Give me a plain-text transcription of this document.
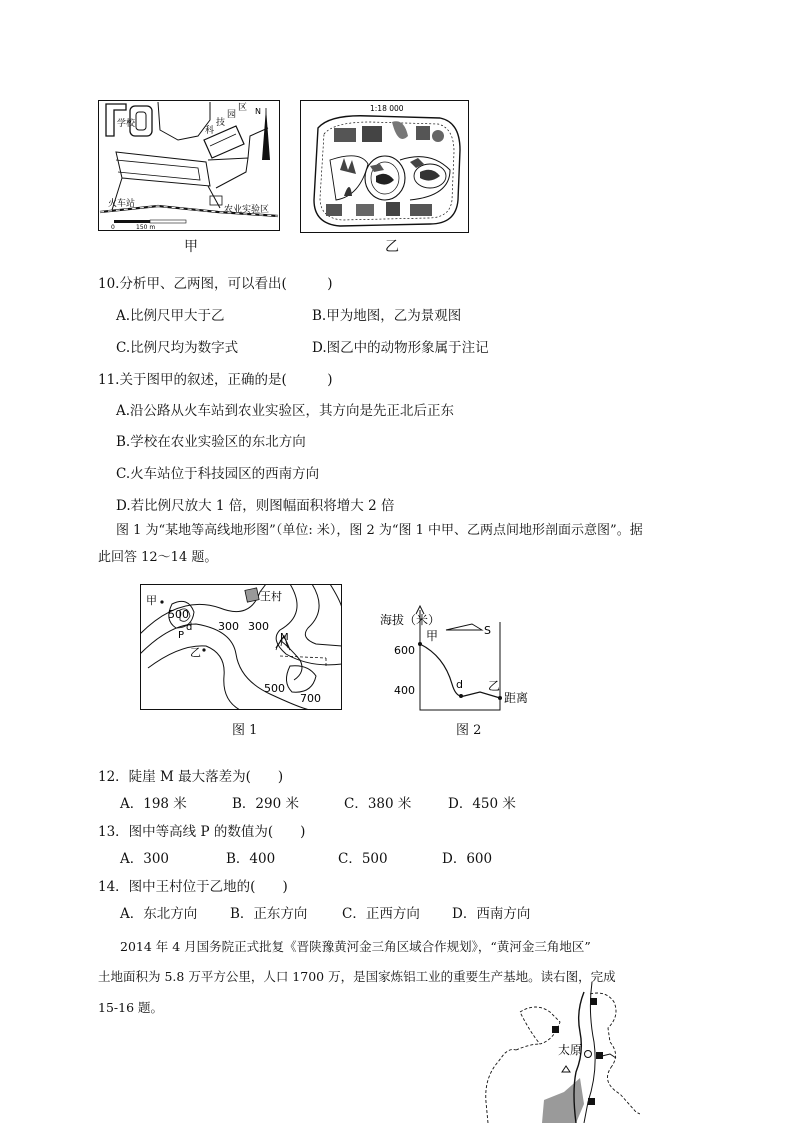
学校
科
技
园
区 N
火车站
农业实验区
0	150 m
甲
1:18 000
乙
10.分析甲、乙两图，可以看出(　　　)
A.比例尺甲大于乙	B.甲为地图，乙为景观图
C.比例尺均为数字式	D.图乙中的动物形象属于注记
11.关于图甲的叙述，正确的是(　　　)
A.沿公路从火车站到农业实验区，其方向是先正北后正东
B.学校在农业实验区的东北方向
C.火车站位于科技园区的西南方向
D.若比例尺放大 1 倍，则图幅面积将增大 2 倍
图 1 为“某地等高线地形图”（单位: 米），图 2 为“图 1 中甲、乙两点间地形剖面示意图”。据
此回答 12～14 题。
甲
500
d
P
乙
王村
300 300
M
500
700
图 1
海拔（米）
甲	S
600
400	d 乙
距离
图 2
12．陡崖 M 最大落差为(　　)
A．198 米	B．290 米	C．380 米	D．450 米
13．图中等高线 P 的数值为(　　)
A．300	B．400	C．500	D．600
14．图中王村位于乙地的(　　)
A．东北方向 B．正东方向	C．正西方向 D．西南方向
2014 年 4 月国务院正式批复《晋陕豫黄河金三角区域合作规划》，“黄河金三角地区”
土地面积为 5.8 万平方公里，人口 1700 万，是国家炼铝工业的重要生产基地。读右图，完成
15-16 题。
太原
